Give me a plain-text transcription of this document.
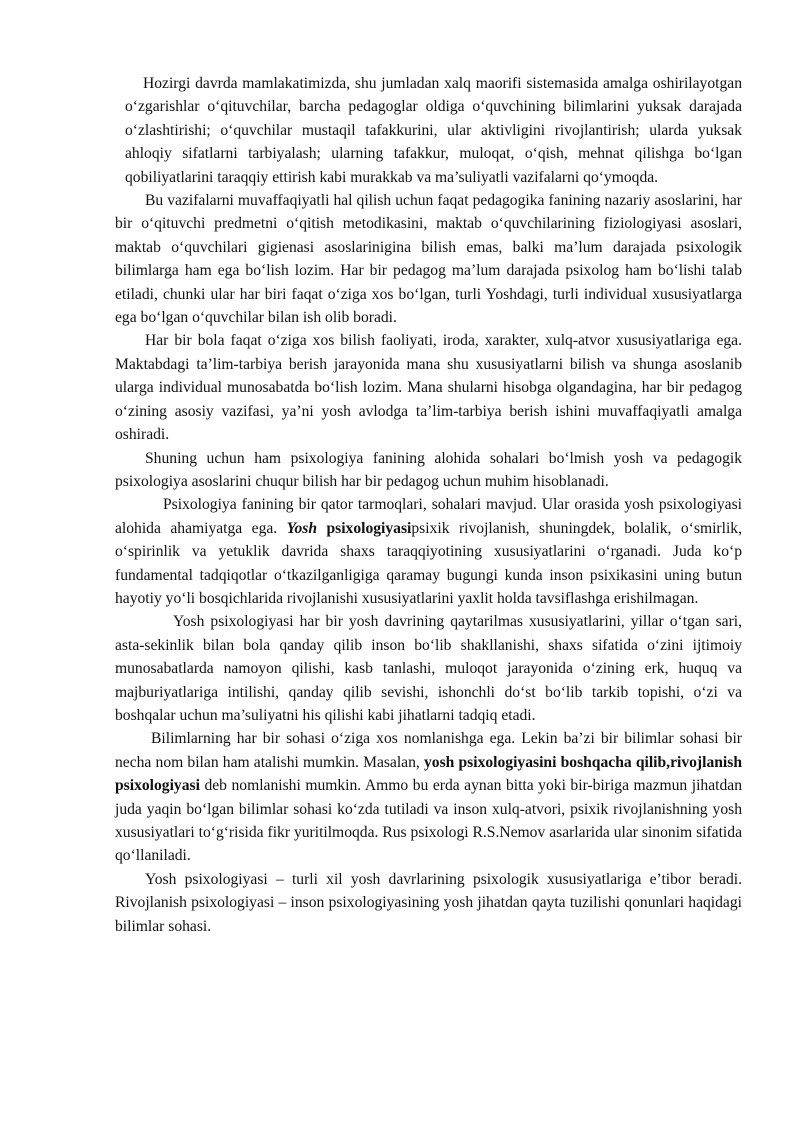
Hozirgi davrda mamlakatimizda, shu jumladan xalq maorifi sistemasida amalga oshirilayotgan o‘zgarishlar o‘qituvchilar, barcha pedagoglar oldiga o‘quvchining bilimlarini yuksak darajada o‘zlashtirishi; o‘quvchilar mustaqil tafakkurini, ular aktivligini rivojlantirish; ularda yuksak ahloqiy sifatlarni tarbiyalash; ularning tafakkur, muloqat, o‘qish, mehnat qilishga bo‘lgan qobiliyatlarini taraqqiy ettirish kabi murakkab va ma’suliyatli vazifalarni qo‘ymoqda.

Bu vazifalarni muvaffaqiyatli hal qilish uchun faqat pedagogika fanining nazariy asoslarini, har bir o‘qituvchi predmetni o‘qitish metodikasini, maktab o‘quvchilarining fiziologiyasi asoslari, maktab o‘quvchilari gigienasi asoslarinigina bilish emas, balki ma’lum darajada psixologik bilimlarga ham ega bo‘lish lozim. Har bir pedagog ma’lum darajada psixolog ham bo‘lishi talab etiladi, chunki ular har biri faqat o‘ziga xos bo‘lgan, turli Yoshdagi, turli individual xususiyatlarga ega bo‘lgan o‘quvchilar bilan ish olib boradi.

Har bir bola faqat o‘ziga xos bilish faoliyati, iroda, xarakter, xulq-atvor xususiyatlariga ega. Maktabdagi ta’lim-tarbiya berish jarayonida mana shu xususiyatlarni bilish va shunga asoslanib ularga individual munosabatda bo‘lish lozim. Mana shularni hisobga olgandagina, har bir pedagog o‘zining asosiy vazifasi, ya’ni yosh avlodga ta’lim-tarbiya berish ishini muvaffaqiyatli amalga oshiradi.

Shuning uchun ham psixologiya fanining alohida sohalari bo‘lmish yosh va pedagogik psixologiya asoslarini chuqur bilish har bir pedagog uchun muhim hisoblanadi.

Psixologiya fanining bir qator tarmoqlari, sohalari mavjud. Ular orasida yosh psixologiyasi alohida ahamiyatga ega. Yosh psixologiyasipsixik rivojlanish, shuningdek, bolalik, o‘smirlik, o‘spirinlik va yetuklik davrida shaxs taraqqiyotining xususiyatlarini o‘rganadi. Juda ko‘p fundamental tadqiqotlar o‘tkazilganligiga qaramay bugungi kunda inson psixikasini uning butun hayotiy yo‘li bosqichlarida rivojlanishi xususiyatlarini yaxlit holda tavsiflashga erishilmagan.

Yosh psixologiyasi har bir yosh davrining qaytarilmas xususiyatlarini, yillar o‘tgan sari, asta-sekinlik bilan bola qanday qilib inson bo‘lib shakllanishi, shaxs sifatida o‘zini ijtimoiy munosabatlarda namoyon qilishi, kasb tanlashi, muloqot jarayonida o‘zining erk, huquq va majburiyatlariga intilishi, qanday qilib sevishi, ishonchli do‘st bo‘lib tarkib topishi, o‘zi va boshqalar uchun ma’suliyatni his qilishi kabi jihatlarni tadqiq etadi.

Bilimlarning har bir sohasi o‘ziga xos nomlanishga ega. Lekin ba’zi bir bilimlar sohasi bir necha nom bilan ham atalishi mumkin. Masalan, yosh psixologiyasini boshqacha qilib,rivojlanish psixologiyasi deb nomlanishi mumkin. Ammo bu erda aynan bitta yoki bir-biriga mazmun jihatdan juda yaqin bo‘lgan bilimlar sohasi ko‘zda tutiladi va inson xulq-atvori, psixik rivojlanishning yosh xususiyatlari to‘g‘risida fikr yuritilmoqda. Rus psixologi R.S.Nemov asarlarida ular sinonim sifatida qo‘llaniladi.

Yosh psixologiyasi – turli xil yosh davrlarining psixologik xususiyatlariga e’tibor beradi. Rivojlanish psixologiyasi – inson psixologiyasining yosh jihatdan qayta tuzilishi qonunlari haqidagi bilimlar sohasi.
